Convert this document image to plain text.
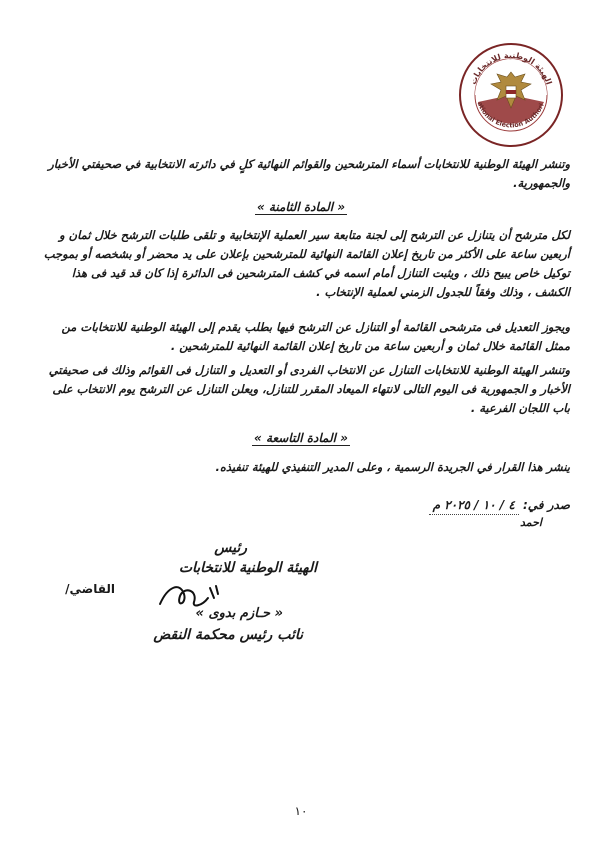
الهيئة الوطنية للانتخابات
ational Election Authori
وتنشر الهيئة الوطنية للانتخابات أسماء المترشحين والقوائم النهائية كلٍ في دائرته الانتخابية في صحيفتي الأخبار والجمهورية.
« المادة الثامنة »
لكل مترشح أن يتنازل عن الترشح إلى لجنة متابعة سير العملية الإنتخابية و تلقى طلبات الترشح خلال ثمان و أربعين ساعة على الأكثر من تاريخ إعلان القائمة النهائية للمترشحين بإعلان على يد محضر أو بشخصه أو بموجب توكيل خاص يبيح ذلك ، ويثبت التنازل أمام اسمه في كشف المترشحين فى الدائرة إذا كان قد قيد فى هذا الكشف ، وذلك وفقاً للجدول الزمني لعملية الإنتخاب .
ويجوز التعديل فى مترشحى القائمة أو التنازل عن الترشح فيها بطلب يقدم إلى الهيئة الوطنية للانتخابات من ممثل القائمة خلال ثمان و أربعين ساعة من تاريخ إعلان القائمة النهائية للمترشحين .
وتنشر الهيئة الوطنية للانتخابات التنازل عن الانتخاب الفردى أو التعديل و التنازل فى القوائم وذلك فى صحيفتي الأخبار و الجمهورية فى اليوم التالى لانتهاء الميعاد المقرر للتنازل، ويعلن التنازل عن الترشح يوم الانتخاب على باب اللجان الفرعية .
« المادة التاسعة »
ينشر هذا القرار في الجريدة الرسمية ، وعلى المدير التنفيذي للهيئة تنفيذه.
صدر في: ٤ / ١٠ / ٢٠٢٥ م
احمد
رئيس
الهيئة الوطنية للانتخابات
القاضي/
« حـازم بدوى »
نائب رئيس محكمة النقض
١٠
